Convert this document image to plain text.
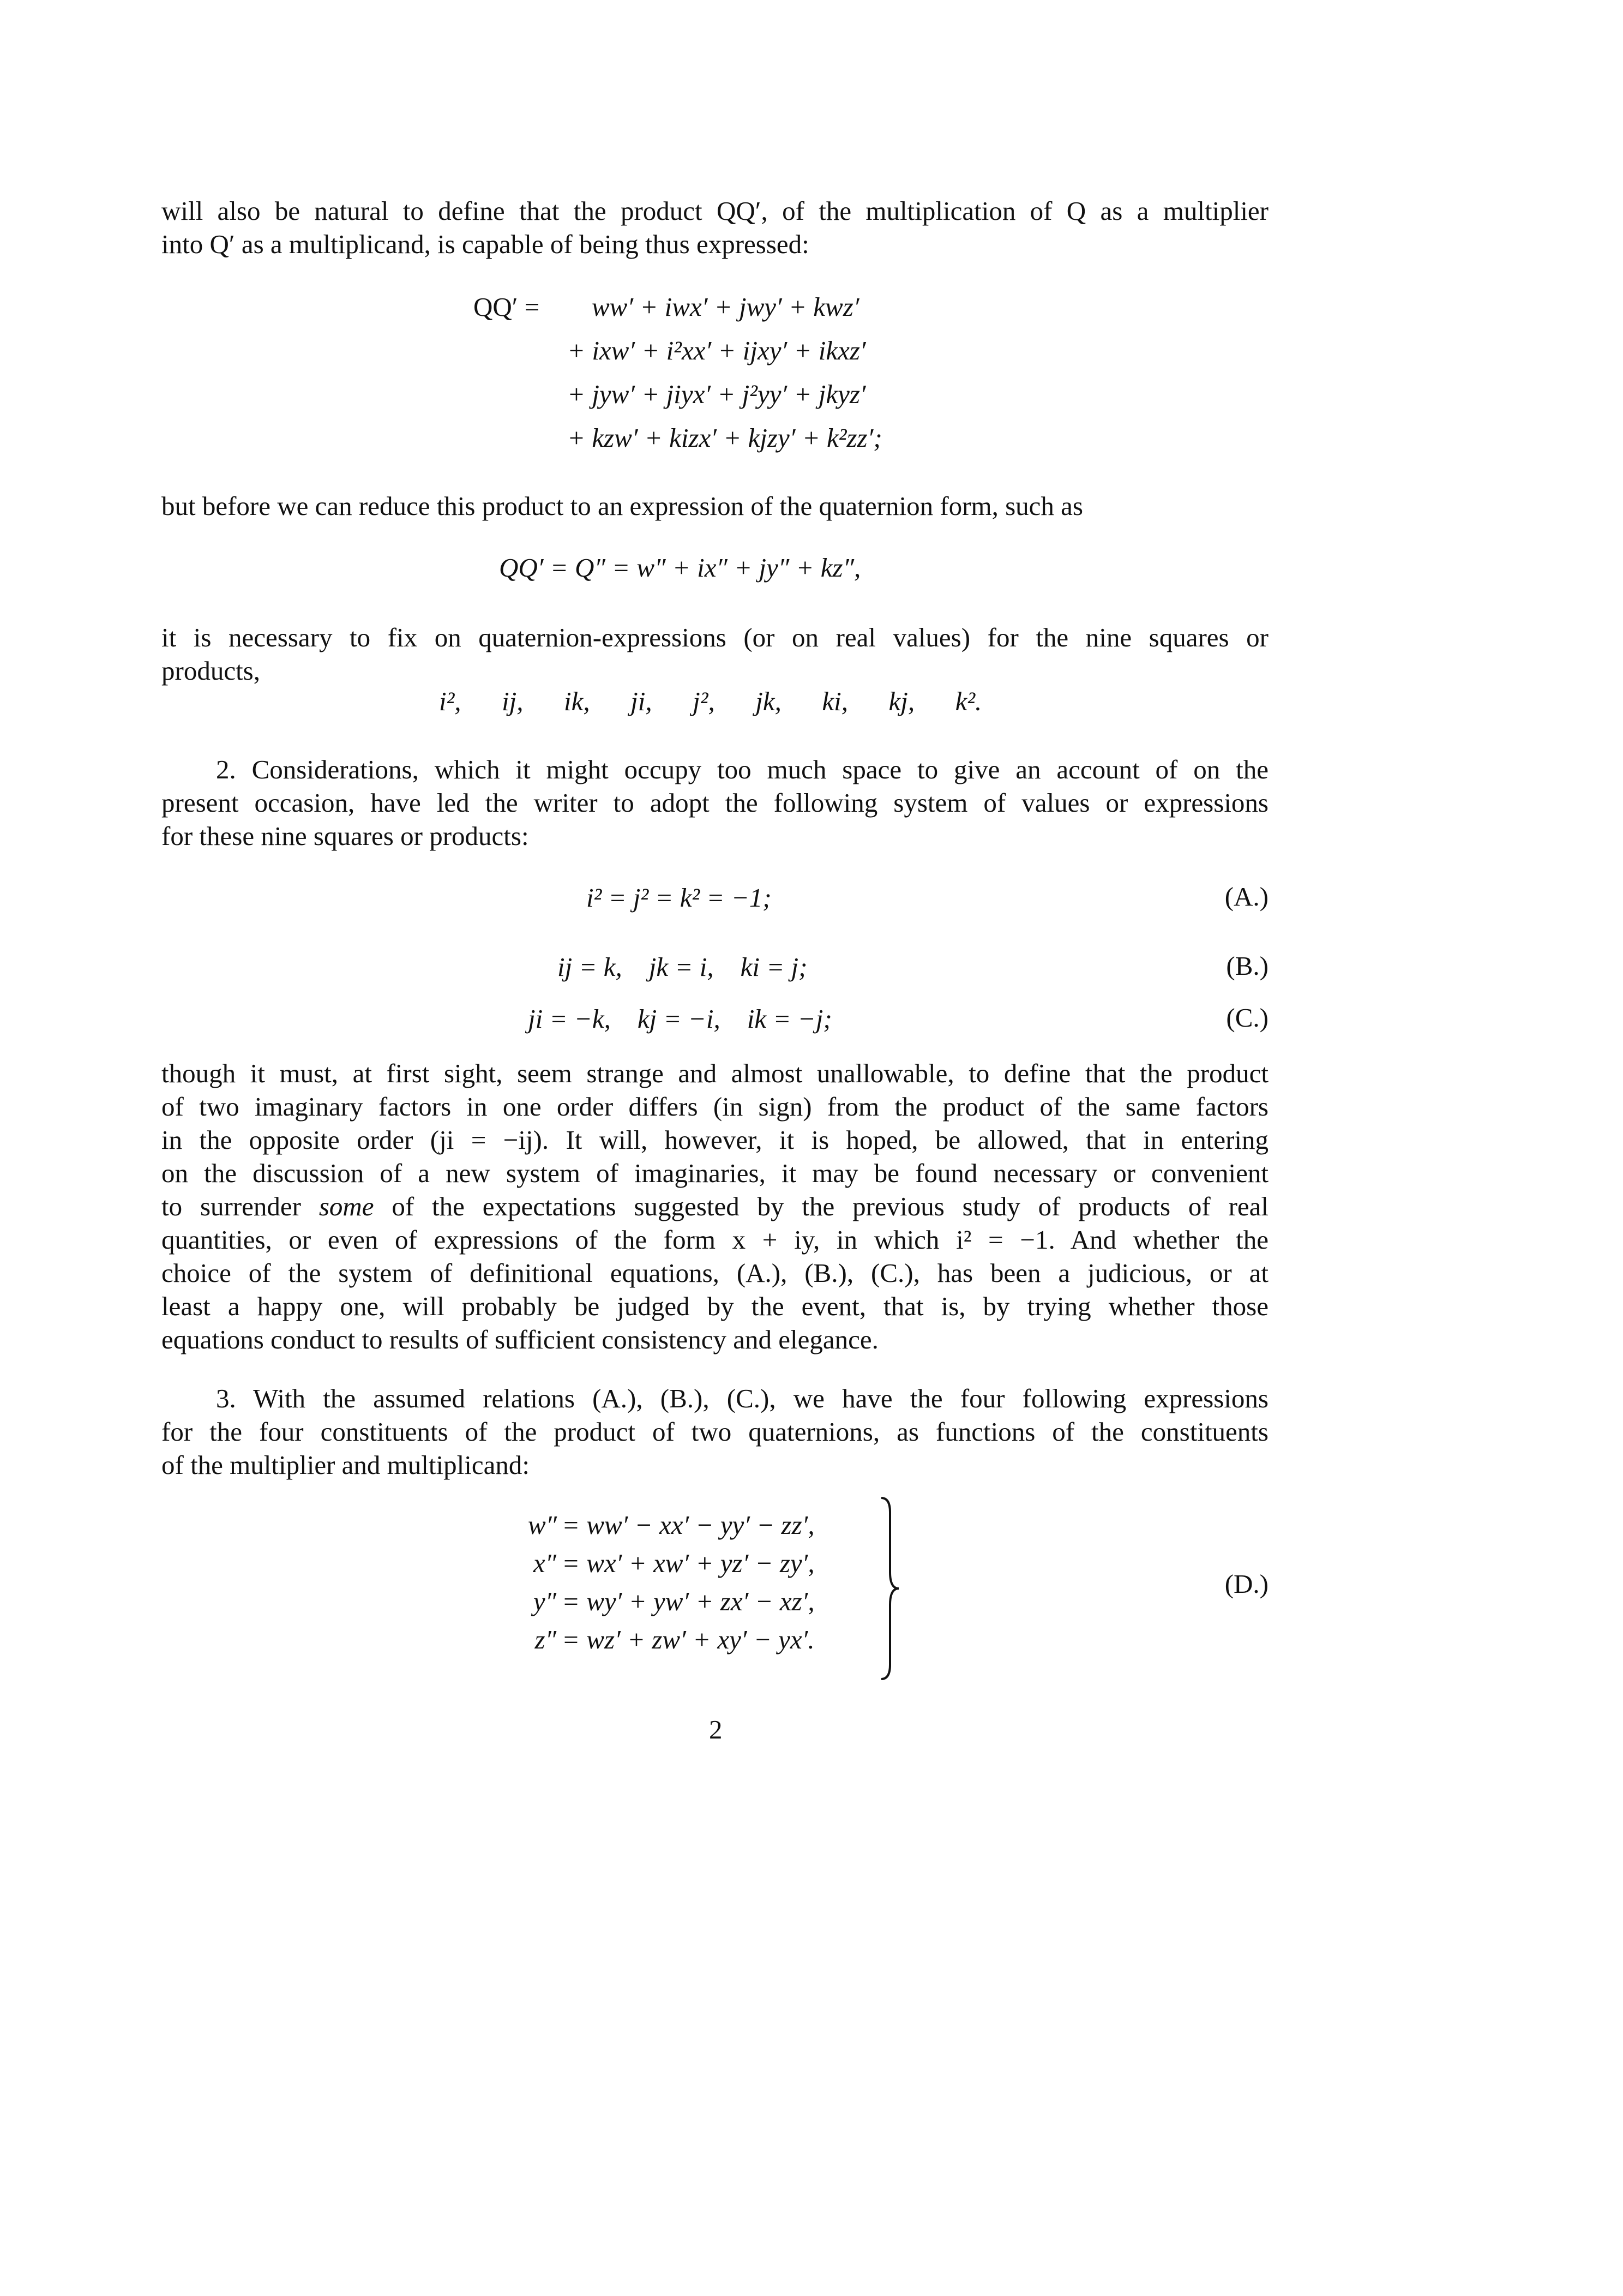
will also be natural to define that the product QQ′, of the multiplication of Q as a multiplier
into Q′ as a multiplicand, is capable of being thus expressed:
QQ′ = ww′ + iwx′ + jwy′ + kwz′
+ ixw′ + i²xx′ + ijxy′ + ikxz′
+ jyw′ + jiyx′ + j²yy′ + jkyz′
+ kzw′ + kizx′ + kjzy′ + k²zz′;
but before we can reduce this product to an expression of the quaternion form, such as
QQ′ = Q″ = w″ + ix″ + jy″ + kz″,
it is necessary to fix on quaternion-expressions (or on real values) for the nine squares or
products,
i², ij, ik, ji, j², jk, ki, kj, k².
2. Considerations, which it might occupy too much space to give an account of on the
present occasion, have led the writer to adopt the following system of values or expressions
for these nine squares or products:
i² = j² = k² = −1;	(A.)
ij = k,    jk = i,    ki = j;	(B.)
ji = −k,    kj = −i,    ik = −j;	(C.)
though it must, at first sight, seem strange and almost unallowable, to define that the product
of two imaginary factors in one order differs (in sign) from the product of the same factors
in the opposite order (ji = −ij). It will, however, it is hoped, be allowed, that in entering
on the discussion of a new system of imaginaries, it may be found necessary or convenient
to surrender some of the expectations suggested by the previous study of products of real
quantities, or even of expressions of the form x + iy, in which i² = −1. And whether the
choice of the system of definitional equations, (A.), (B.), (C.), has been a judicious, or at
least a happy one, will probably be judged by the event, that is, by trying whether those
equations conduct to results of sufficient consistency and elegance.
3. With the assumed relations (A.), (B.), (C.), we have the four following expressions
for the four constituents of the product of two quaternions, as functions of the constituents
of the multiplier and multiplicand:
w″ = ww′ − xx′ − yy′ − zz′,
x″ = wx′ + xw′ + yz′ − zy′,
y″ = wy′ + yw′ + zx′ − xz′,
z″ = wz′ + zw′ + xy′ − yx′.
(D.)
2
